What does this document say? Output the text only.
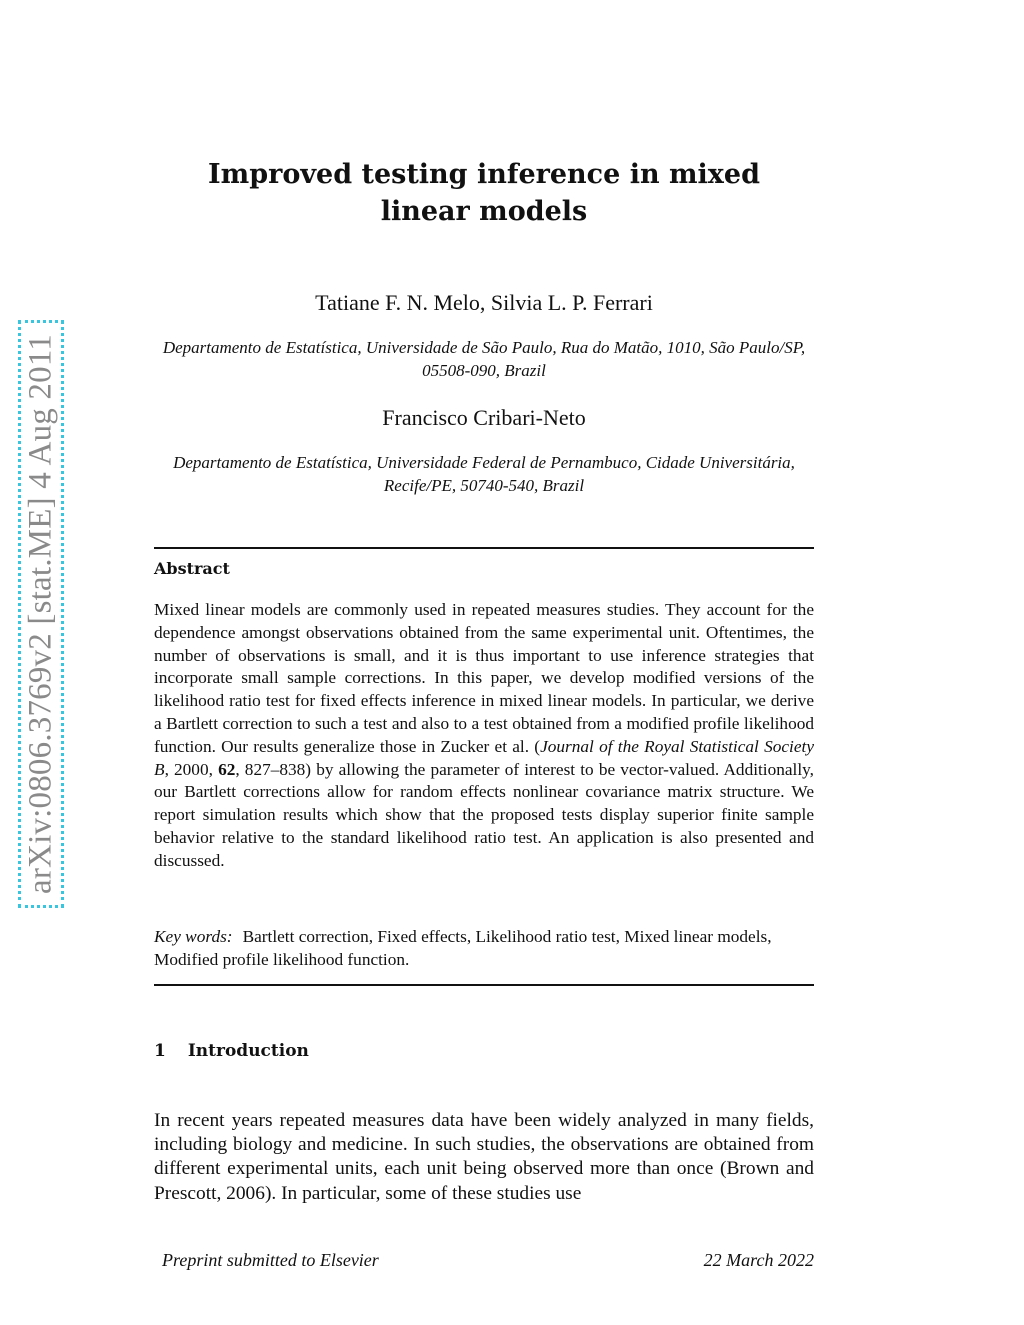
arXiv:0806.3769v2 [stat.ME] 4 Aug 2011
Improved testing inference in mixed linear models
Tatiane F. N. Melo, Silvia L. P. Ferrari
Departamento de Estatística, Universidade de São Paulo, Rua do Matão, 1010, São Paulo/SP, 05508-090, Brazil
Francisco Cribari-Neto
Departamento de Estatística, Universidade Federal de Pernambuco, Cidade Universitária, Recife/PE, 50740-540, Brazil
Abstract
Mixed linear models are commonly used in repeated measures studies. They account for the dependence amongst observations obtained from the same experimental unit. Oftentimes, the number of observations is small, and it is thus important to use inference strategies that incorporate small sample corrections. In this paper, we develop modified versions of the likelihood ratio test for fixed effects inference in mixed linear models. In particular, we derive a Bartlett correction to such a test and also to a test obtained from a modified profile likelihood function. Our results generalize those in Zucker et al. (Journal of the Royal Statistical Society B, 2000, 62, 827–838) by allowing the parameter of interest to be vector-valued. Additionally, our Bartlett corrections allow for random effects nonlinear covariance matrix structure. We report simulation results which show that the proposed tests display superior finite sample behavior relative to the standard likelihood ratio test. An application is also presented and discussed.
Key words: Bartlett correction, Fixed effects, Likelihood ratio test, Mixed linear models, Modified profile likelihood function.
1 Introduction
In recent years repeated measures data have been widely analyzed in many fields, including biology and medicine. In such studies, the observations are obtained from different experimental units, each unit being observed more than once (Brown and Prescott, 2006). In particular, some of these studies use
Preprint submitted to Elsevier	22 March 2022
